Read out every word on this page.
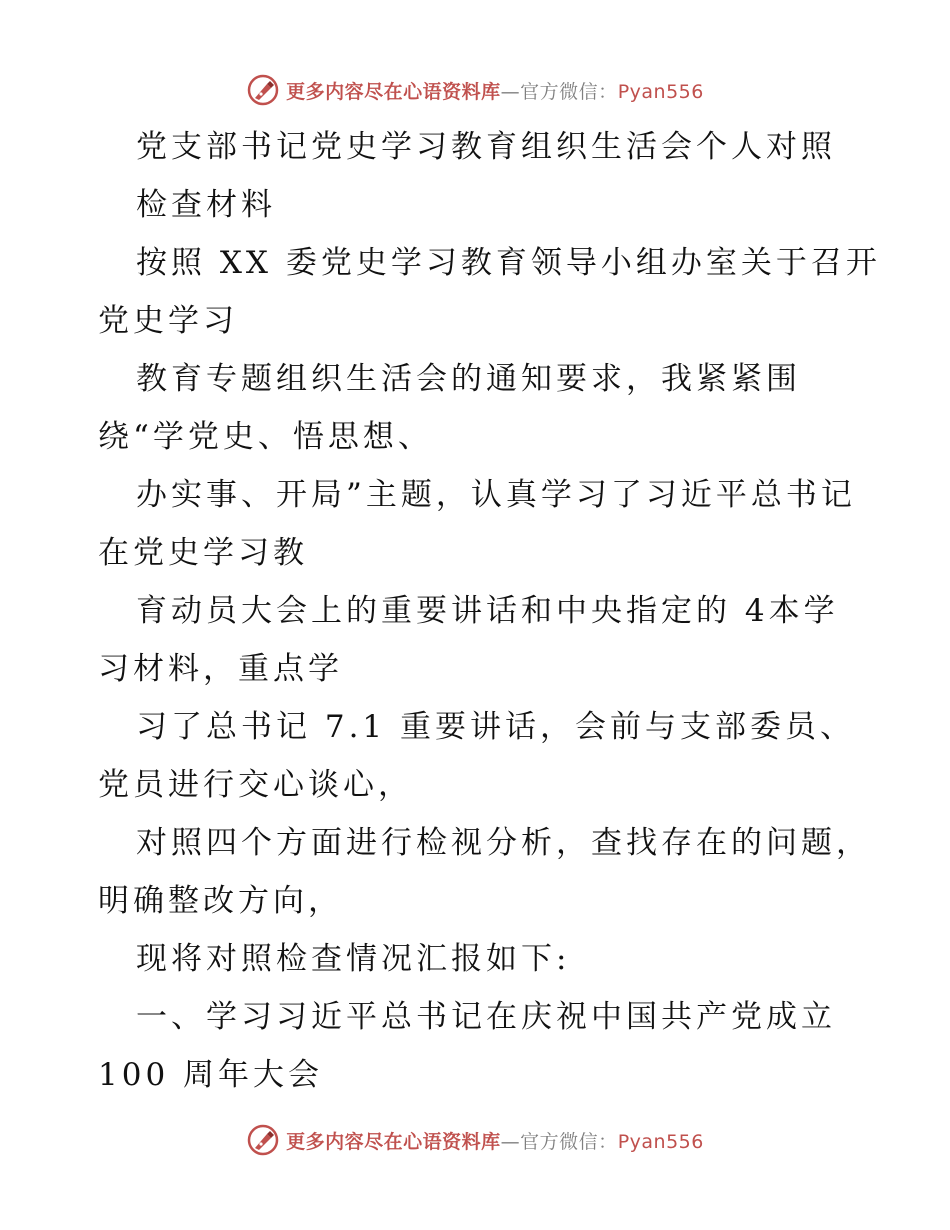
更多内容尽在心语资料库—官方微信：Pyan556
党支部书记党史学习教育组织生活会个人对照
检查材料
按照 XX 委党史学习教育领导小组办室关于召开
党史学习
教育专题组织生活会的通知要求，我紧紧围
绕“学党史、悟思想、
办实事、开局”主题，认真学习了习近平总书记
在党史学习教
育动员大会上的重要讲话和中央指定的 4本学
习材料，重点学
习了总书记 7.1 重要讲话，会前与支部委员、
党员进行交心谈心，
对照四个方面进行检视分析，查找存在的问题，
明确整改方向，
现将对照检查情况汇报如下:
一、学习习近平总书记在庆祝中国共产党成立
100 周年大会
更多内容尽在心语资料库—官方微信：Pyan556
